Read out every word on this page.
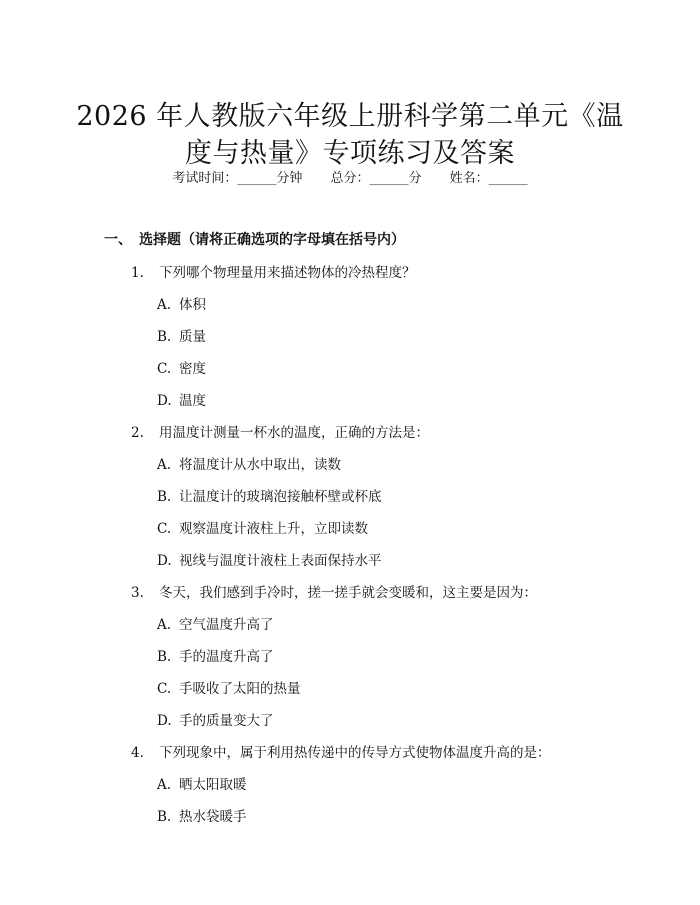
2026 年人教版六年级上册科学第二单元《温
度与热量》专项练习及答案
考试时间：______分钟 总分：______分 姓名：______
一、 选择题（请将正确选项的字母填在括号内）
1. 下列哪个物理量用来描述物体的冷热程度？
A. 体积
B. 质量
C. 密度
D. 温度
2. 用温度计测量一杯水的温度，正确的方法是：
A. 将温度计从水中取出，读数
B. 让温度计的玻璃泡接触杯壁或杯底
C. 观察温度计液柱上升，立即读数
D. 视线与温度计液柱上表面保持水平
3. 冬天，我们感到手冷时，搓一搓手就会变暖和，这主要是因为：
A. 空气温度升高了
B. 手的温度升高了
C. 手吸收了太阳的热量
D. 手的质量变大了
4. 下列现象中，属于利用热传递中的传导方式使物体温度升高的是：
A. 晒太阳取暖
B. 热水袋暖手
